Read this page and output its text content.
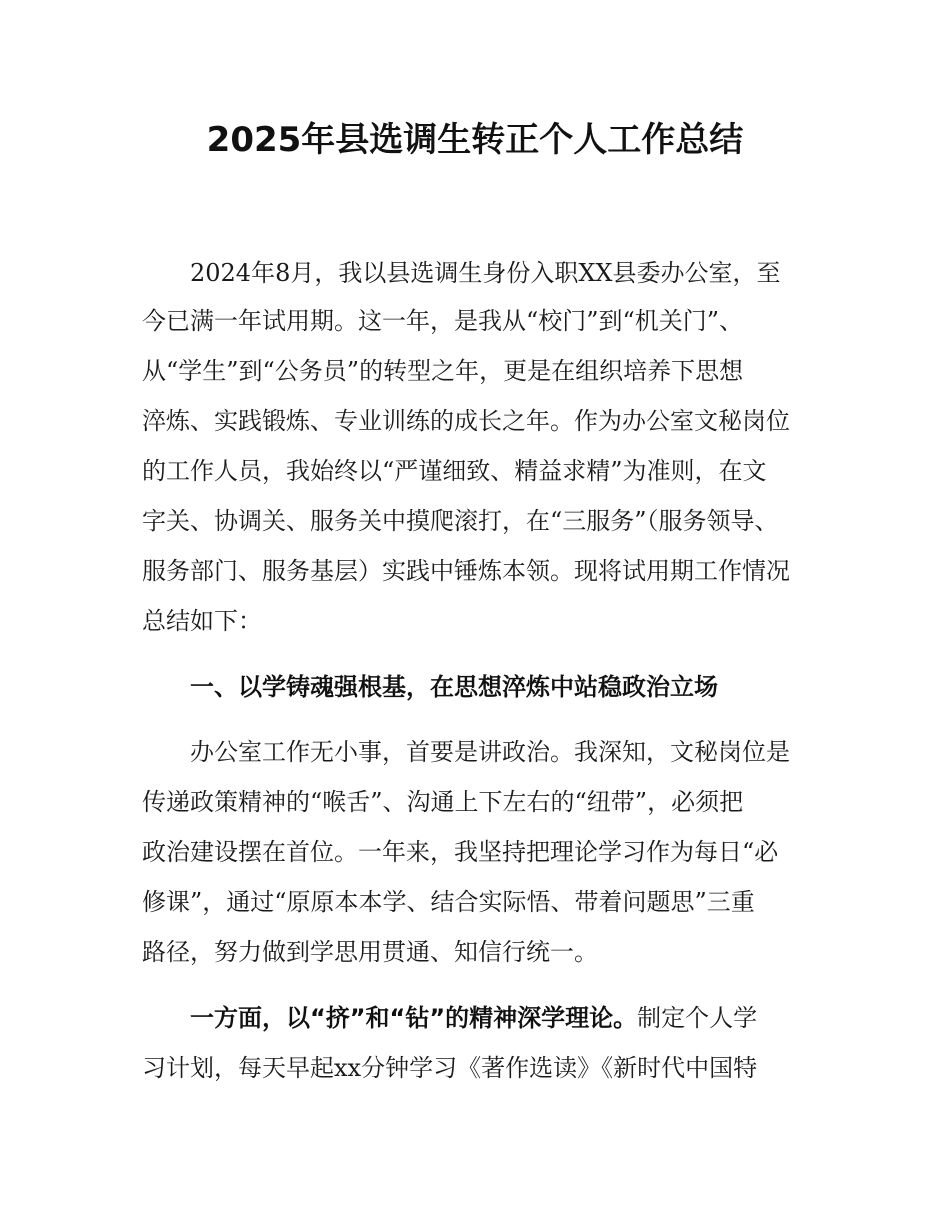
2025年县选调生转正个人工作总结
2024年8月，我以县选调生身份入职XX县委办公室，至
今已满一年试用期。这一年，是我从“校门”到“机关门”、
从“学生”到“公务员”的转型之年，更是在组织培养下思想
淬炼、实践锻炼、专业训练的成长之年。作为办公室文秘岗位
的工作人员，我始终以“严谨细致、精益求精”为准则，在文
字关、协调关、服务关中摸爬滚打，在“三服务”（服务领导、
服务部门、服务基层）实践中锤炼本领。现将试用期工作情况
总结如下：
一、以学铸魂强根基，在思想淬炼中站稳政治立场
办公室工作无小事，首要是讲政治。我深知，文秘岗位是
传递政策精神的“喉舌”、沟通上下左右的“纽带”，必须把
政治建设摆在首位。一年来，我坚持把理论学习作为每日“必
修课”，通过“原原本本学、结合实际悟、带着问题思”三重
路径，努力做到学思用贯通、知信行统一。
一方面，以“挤”和“钻”的精神深学理论。制定个人学
习计划，每天早起xx分钟学习《著作选读》《新时代中国特
